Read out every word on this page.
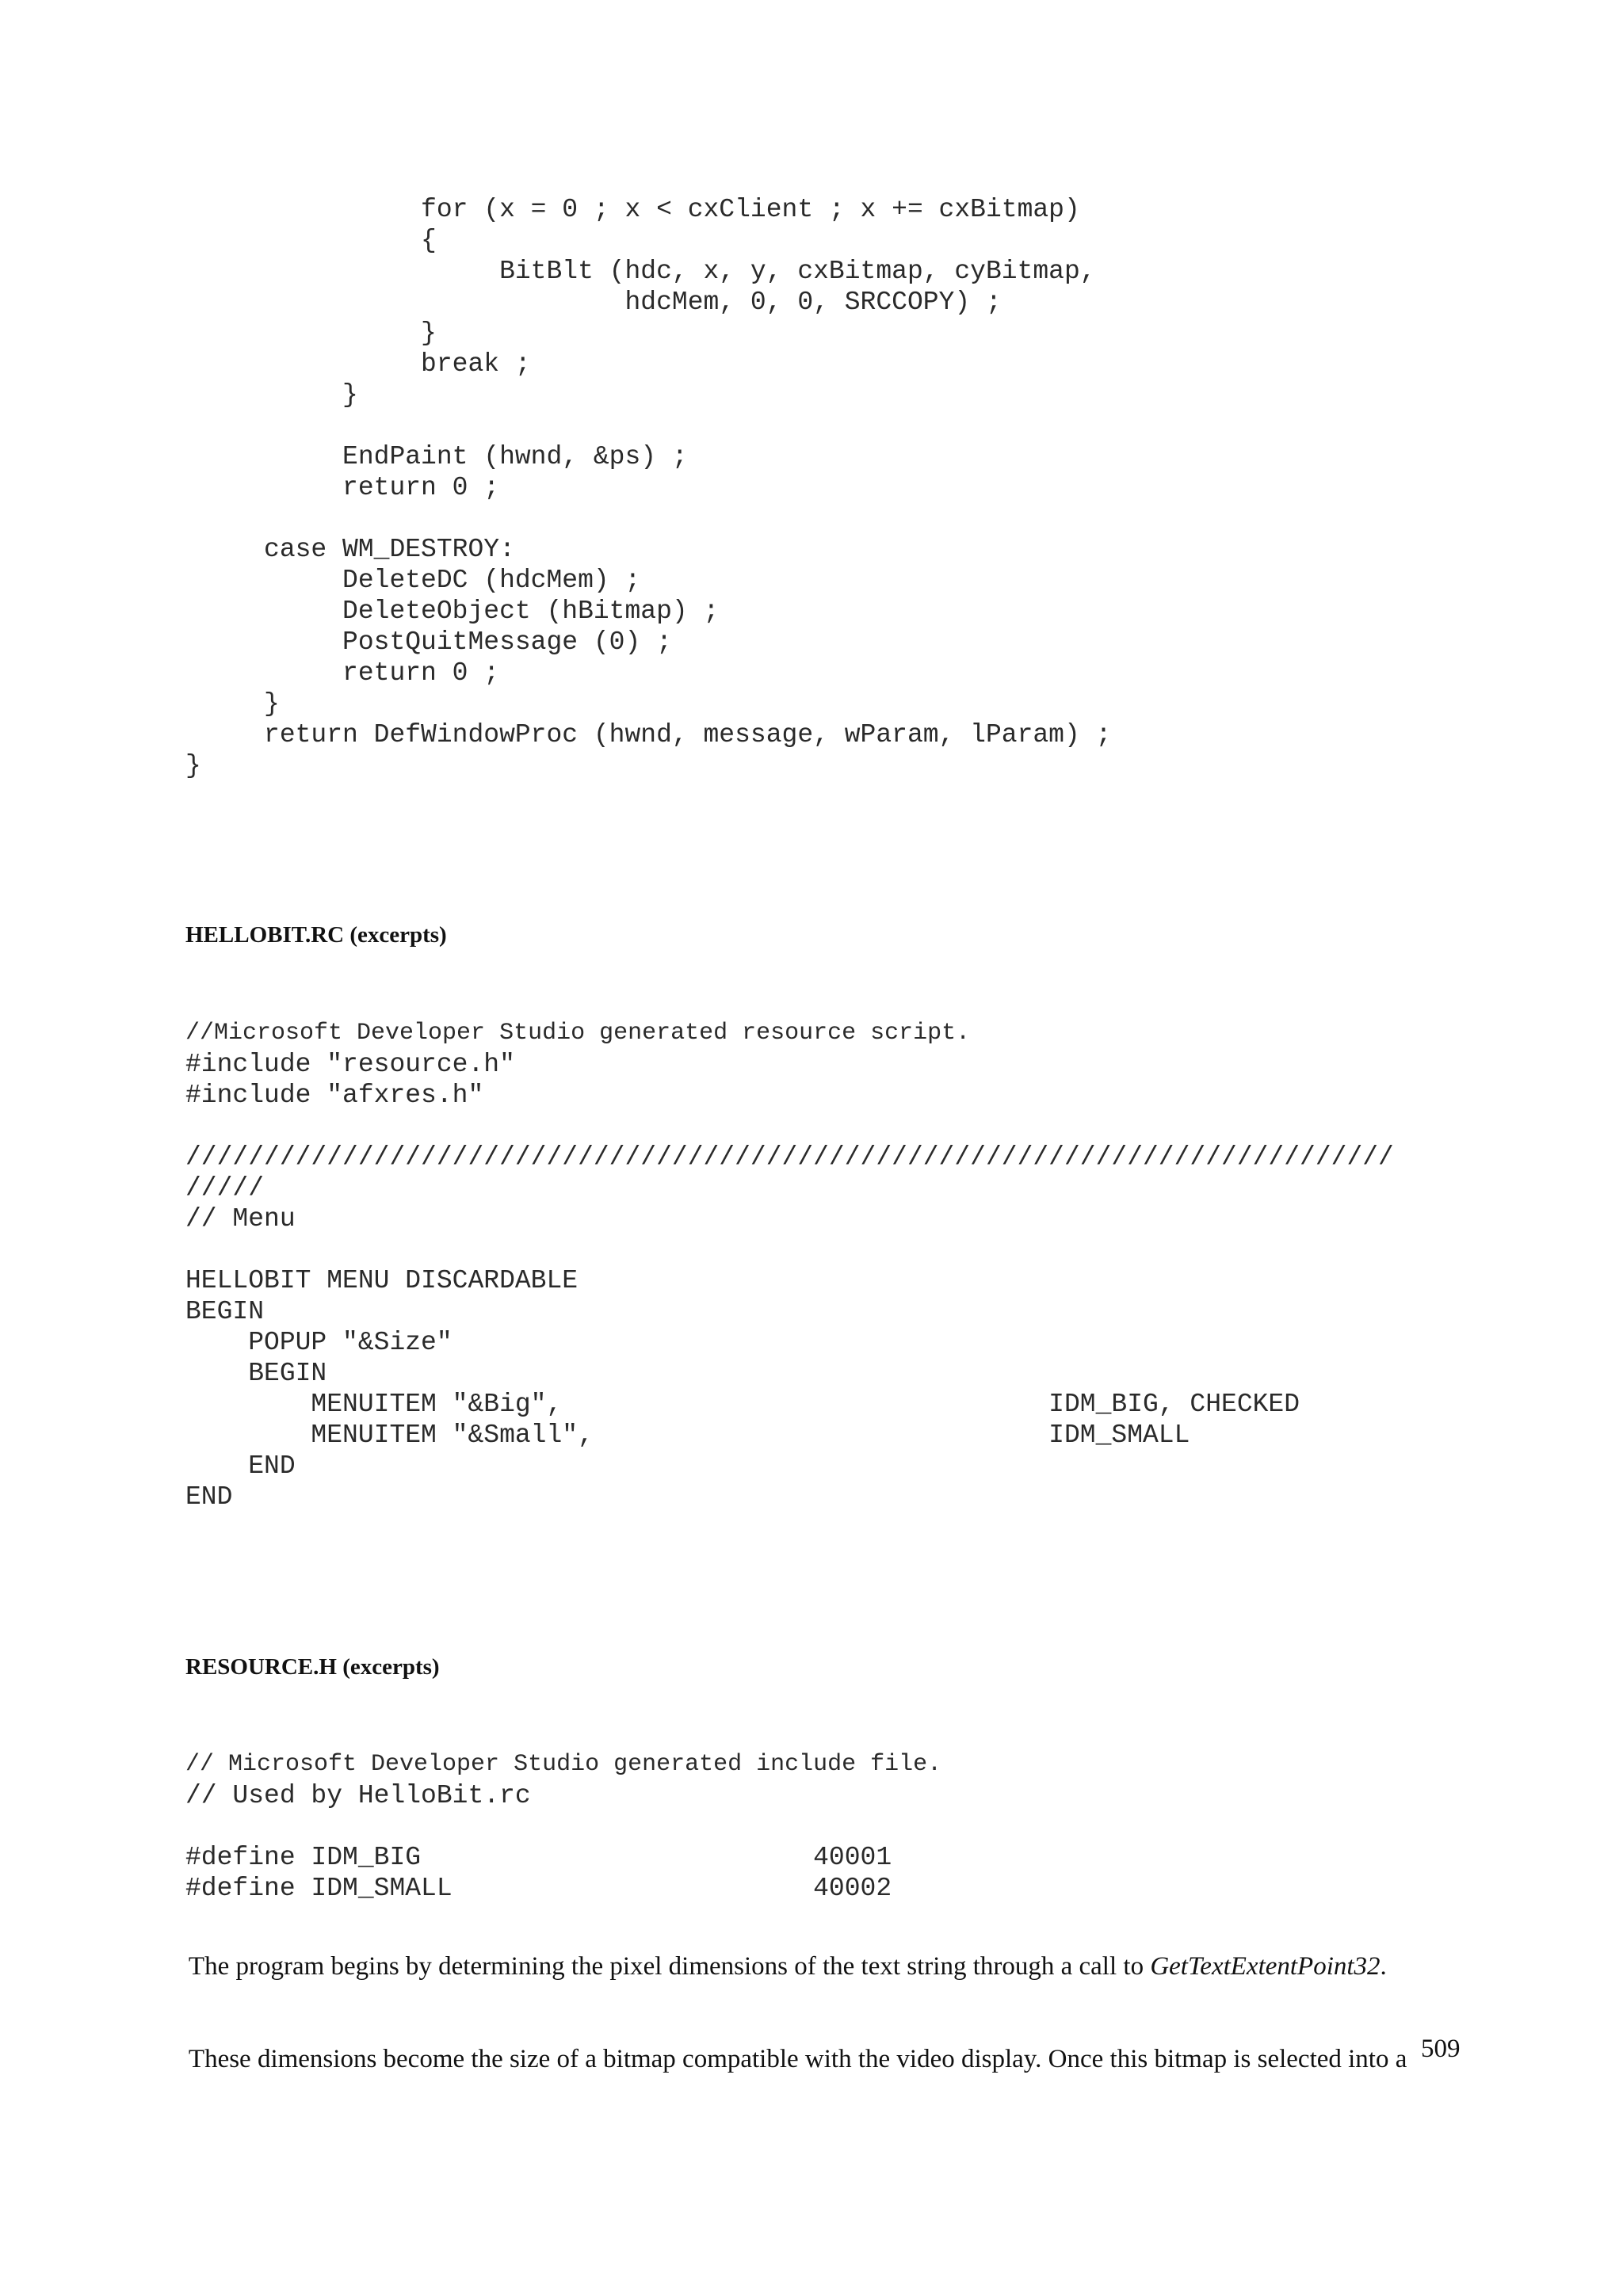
for (x = 0 ; x < cxClient ; x += cxBitmap)
{
BitBlt (hdc, x, y, cxBitmap, cyBitmap,
hdcMem, 0, 0, SRCCOPY) ;
}
break ;
}
EndPaint (hwnd, &ps) ;
return 0 ;
case WM_DESTROY:
DeleteDC (hdcMem) ;
DeleteObject (hBitmap) ;
PostQuitMessage (0) ;
return 0 ;
}
return DefWindowProc (hwnd, message, wParam, lParam) ;
}
HELLOBIT.RC (excerpts)
//Microsoft Developer Studio generated resource script.
#include "resource.h"
#include "afxres.h"
/////////////////////////////////////////////////////////////////////////////
/////
// Menu
HELLOBIT MENU DISCARDABLE
BEGIN
POPUP "&Size"
BEGIN
MENUITEM "&Big",                               IDM_BIG, CHECKED
MENUITEM "&Small",                             IDM_SMALL
END
END
RESOURCE.H (excerpts)
// Microsoft Developer Studio generated include file.
// Used by HelloBit.rc
#define IDM_BIG                         40001
#define IDM_SMALL                       40002

The program begins by determining the pixel dimensions of the text string through a call to GetTextExtentPoint32.

These dimensions become the size of a bitmap compatible with the video display. Once this bitmap is selected into a 509
